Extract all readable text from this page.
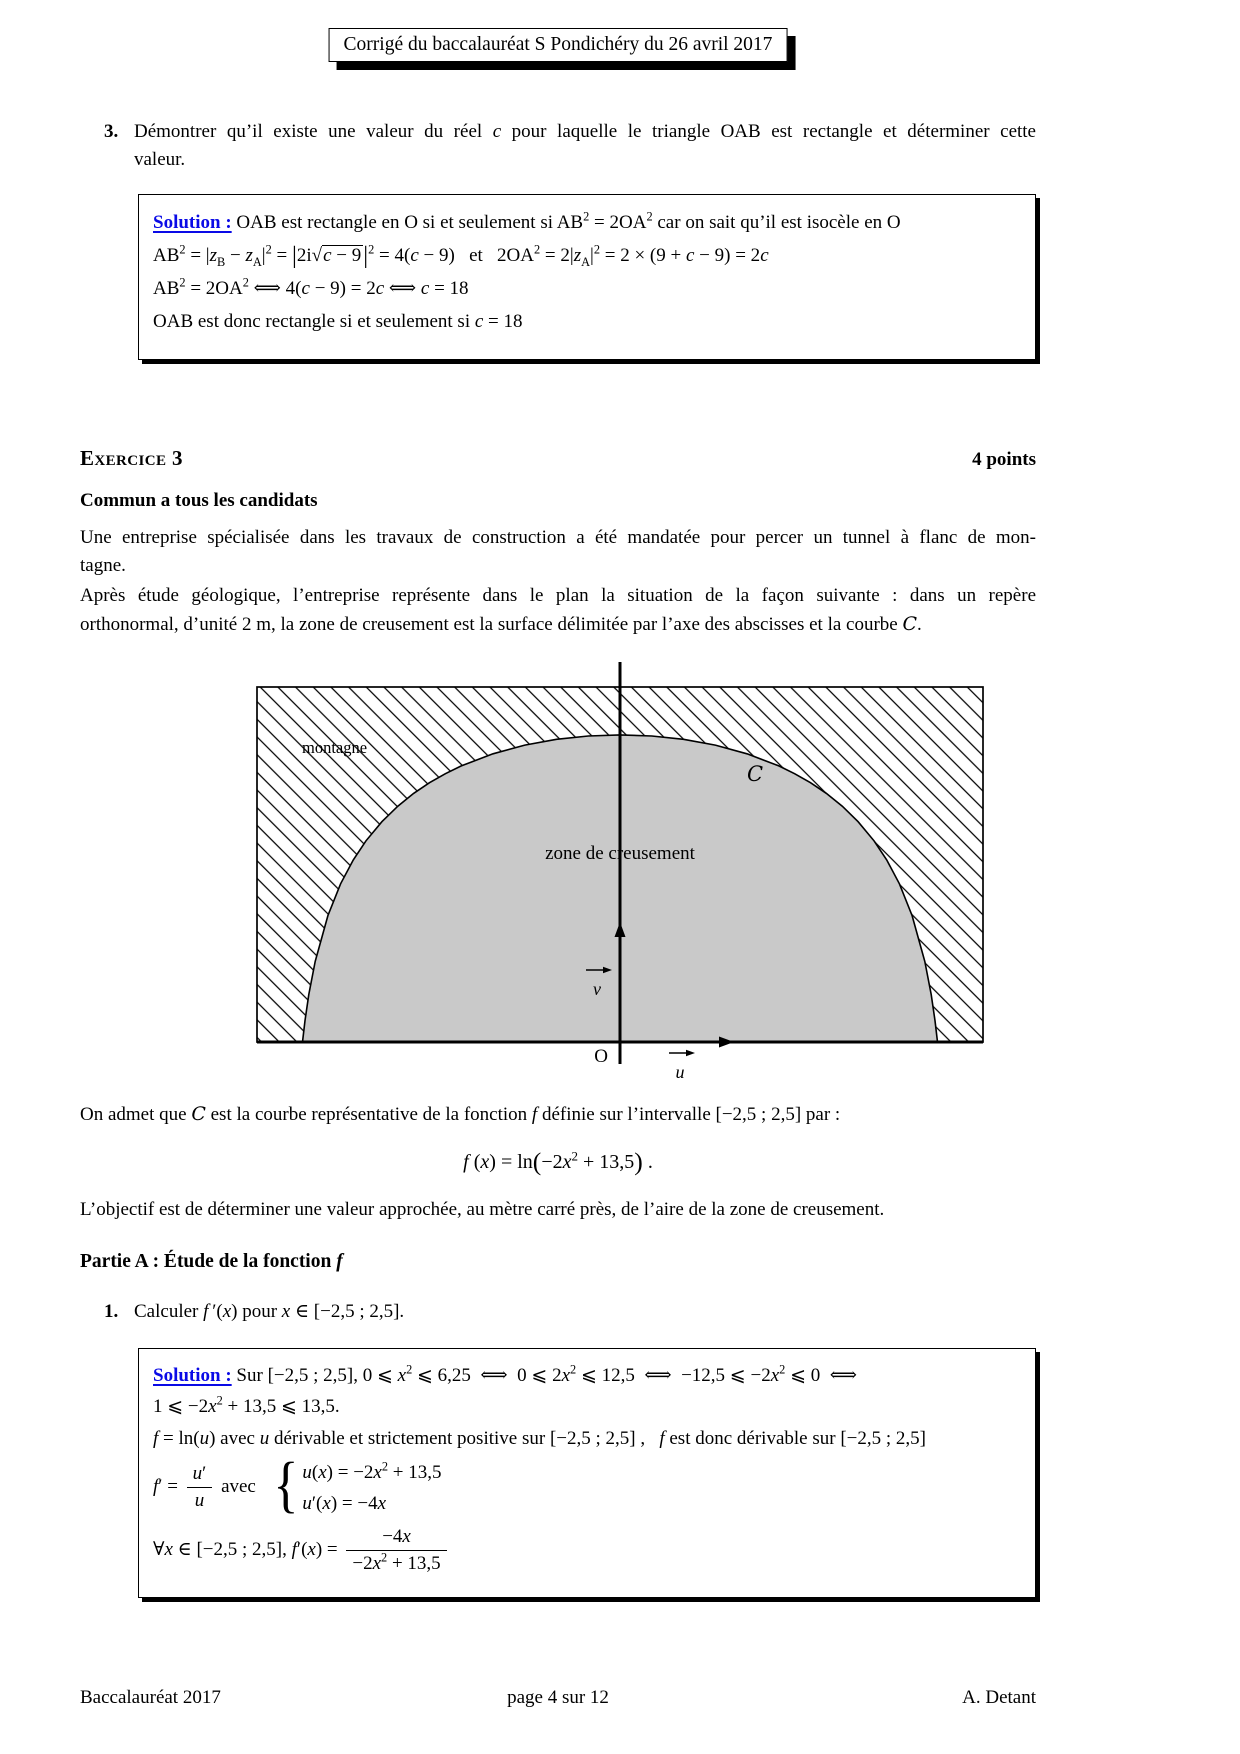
Corrigé du baccalauréat S Pondichéry du 26 avril 2017
3. Démontrer qu’il existe une valeur du réel c pour laquelle le triangle OAB est rectangle et déterminer cette
valeur.
Solution : OAB est rectangle en O si et seulement si $AB^2 = 2OA^2$ car on sait qu’il est isocèle en O
$AB^2 = |z_B - z_A|^2 = |2i√c - 9|^2 = 4(c - 9)$   et   $2OA^2 = 2|z_A|^2 = 2 \times (9 + c - 9) = 2c$
$AB^2 = 2OA^2$ ⟺ 4(c − 9) = 2c ⟺ c = 18
OAB est donc rectangle si et seulement si c = 18
Exercice 3	4 points
Commun a tous les candidats
Une entreprise spécialisée dans les travaux de construction a été mandatée pour percer un tunnel à flanc de mon-
tagne.
Après étude géologique, l’entreprise représente dans le plan la situation de la façon suivante : dans un repère
orthonormal, d’unité 2 m, la zone de creusement est la surface délimitée par l’axe des abscisses et la courbe C.
montagne
C
zone de creusement
O
v
u
On admet que C est la courbe représentative de la fonction f définie sur l’intervalle [−2,5 ; 2,5] par :
f $(x) = \ln(-2x^2 + 13,5)$ .
L’objectif est de déterminer une valeur approchée, au mètre carré près, de l’aire de la zone de creusement.
Partie A : Étude de la fonction f
1. Calculer f ′(x) pour x ∈ [−2,5 ; 2,5].
Solution : Sur [−2,5 ; 2,5], 0 ⩽ $x^2$ ⩽ 6,25  ⟺  0 ⩽ $2x^2$ ⩽ 12,5  ⟺  −12,5 ⩽ $-2x^2$ ⩽ 0  ⟺
1 ⩽ $-2x^2 + 13,5$ ⩽ 13,5.
f = ln(u) avec u dérivable et strictement positive sur [−2,5 ; 2,5] ,   f est donc dérivable sur [−2,5 ; 2,5]
$f' = \frac{u'}{u}$ avec { $u(x) = -2x^2 + 13,5$
u′(x) = −4x
∀x ∈ [−2,5 ; 2,5], $f'(x) = \frac{-4x}{-2x^2 + 13,5}$
Baccalauréat 2017	page 4 sur 12	A. Detant
